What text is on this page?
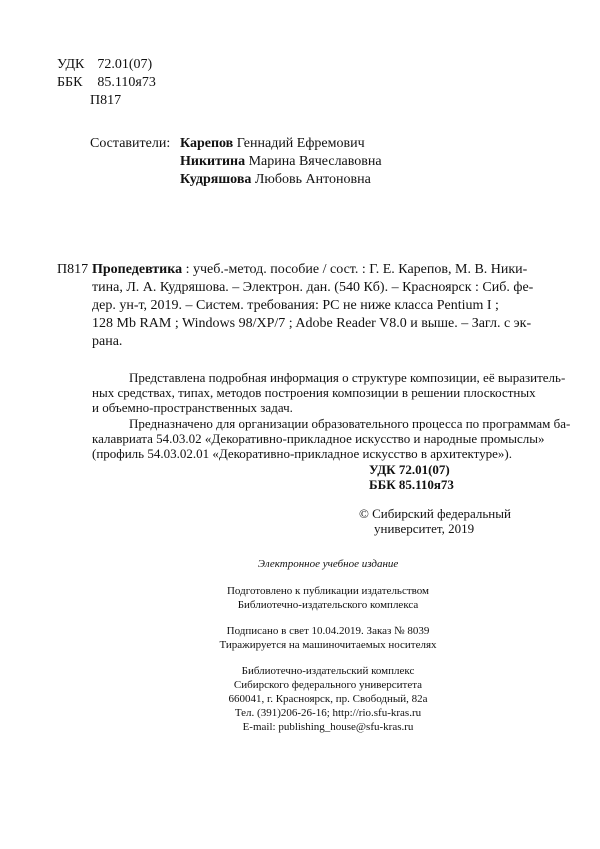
УДК 72.01(07)
ББК 85.110я73
П817
Составители: Карепов Геннадий Ефремович
Никитина Марина Вячеславовна
Кудряшова Любовь Антоновна
П817 Пропедевтика : учеб.-метод. пособие / сост. : Г. Е. Карепов, М. В. Ники-
тина, Л. А. Кудряшова. – Электрон. дан. (540 Кб). – Красноярск : Сиб. фе-
дер. ун-т, 2019. – Систем. требования: PC не ниже класса Pentium I ;
128 Mb RAM ; Windows 98/XP/7 ; Adobe Reader V8.0 и выше. – Загл. с эк-
рана.
Представлена подробная информация о структуре композиции, её выразитель-
ных средствах, типах, методов построения композиции в решении плоскостных
и объемно-пространственных задач.
Предназначено для организации образовательного процесса по программам ба-
калавриата 54.03.02 «Декоративно-прикладное искусство и народные промыслы»
(профиль 54.03.02.01 «Декоративно-прикладное искусство в архитектуре»).
УДК 72.01(07)
ББК 85.110я73
© Сибирский федеральный
университет, 2019
Электронное учебное издание
Подготовлено к публикации издательством
Библиотечно-издательского комплекса
Подписано в свет 10.04.2019. Заказ № 8039
Тиражируется на машиночитаемых носителях
Библиотечно-издательский комплекс
Сибирского федерального университета
660041, г. Красноярск, пр. Свободный, 82а
Тел. (391)206-26-16; http://rio.sfu-kras.ru
E-mail: publishing_house@sfu-kras.ru
